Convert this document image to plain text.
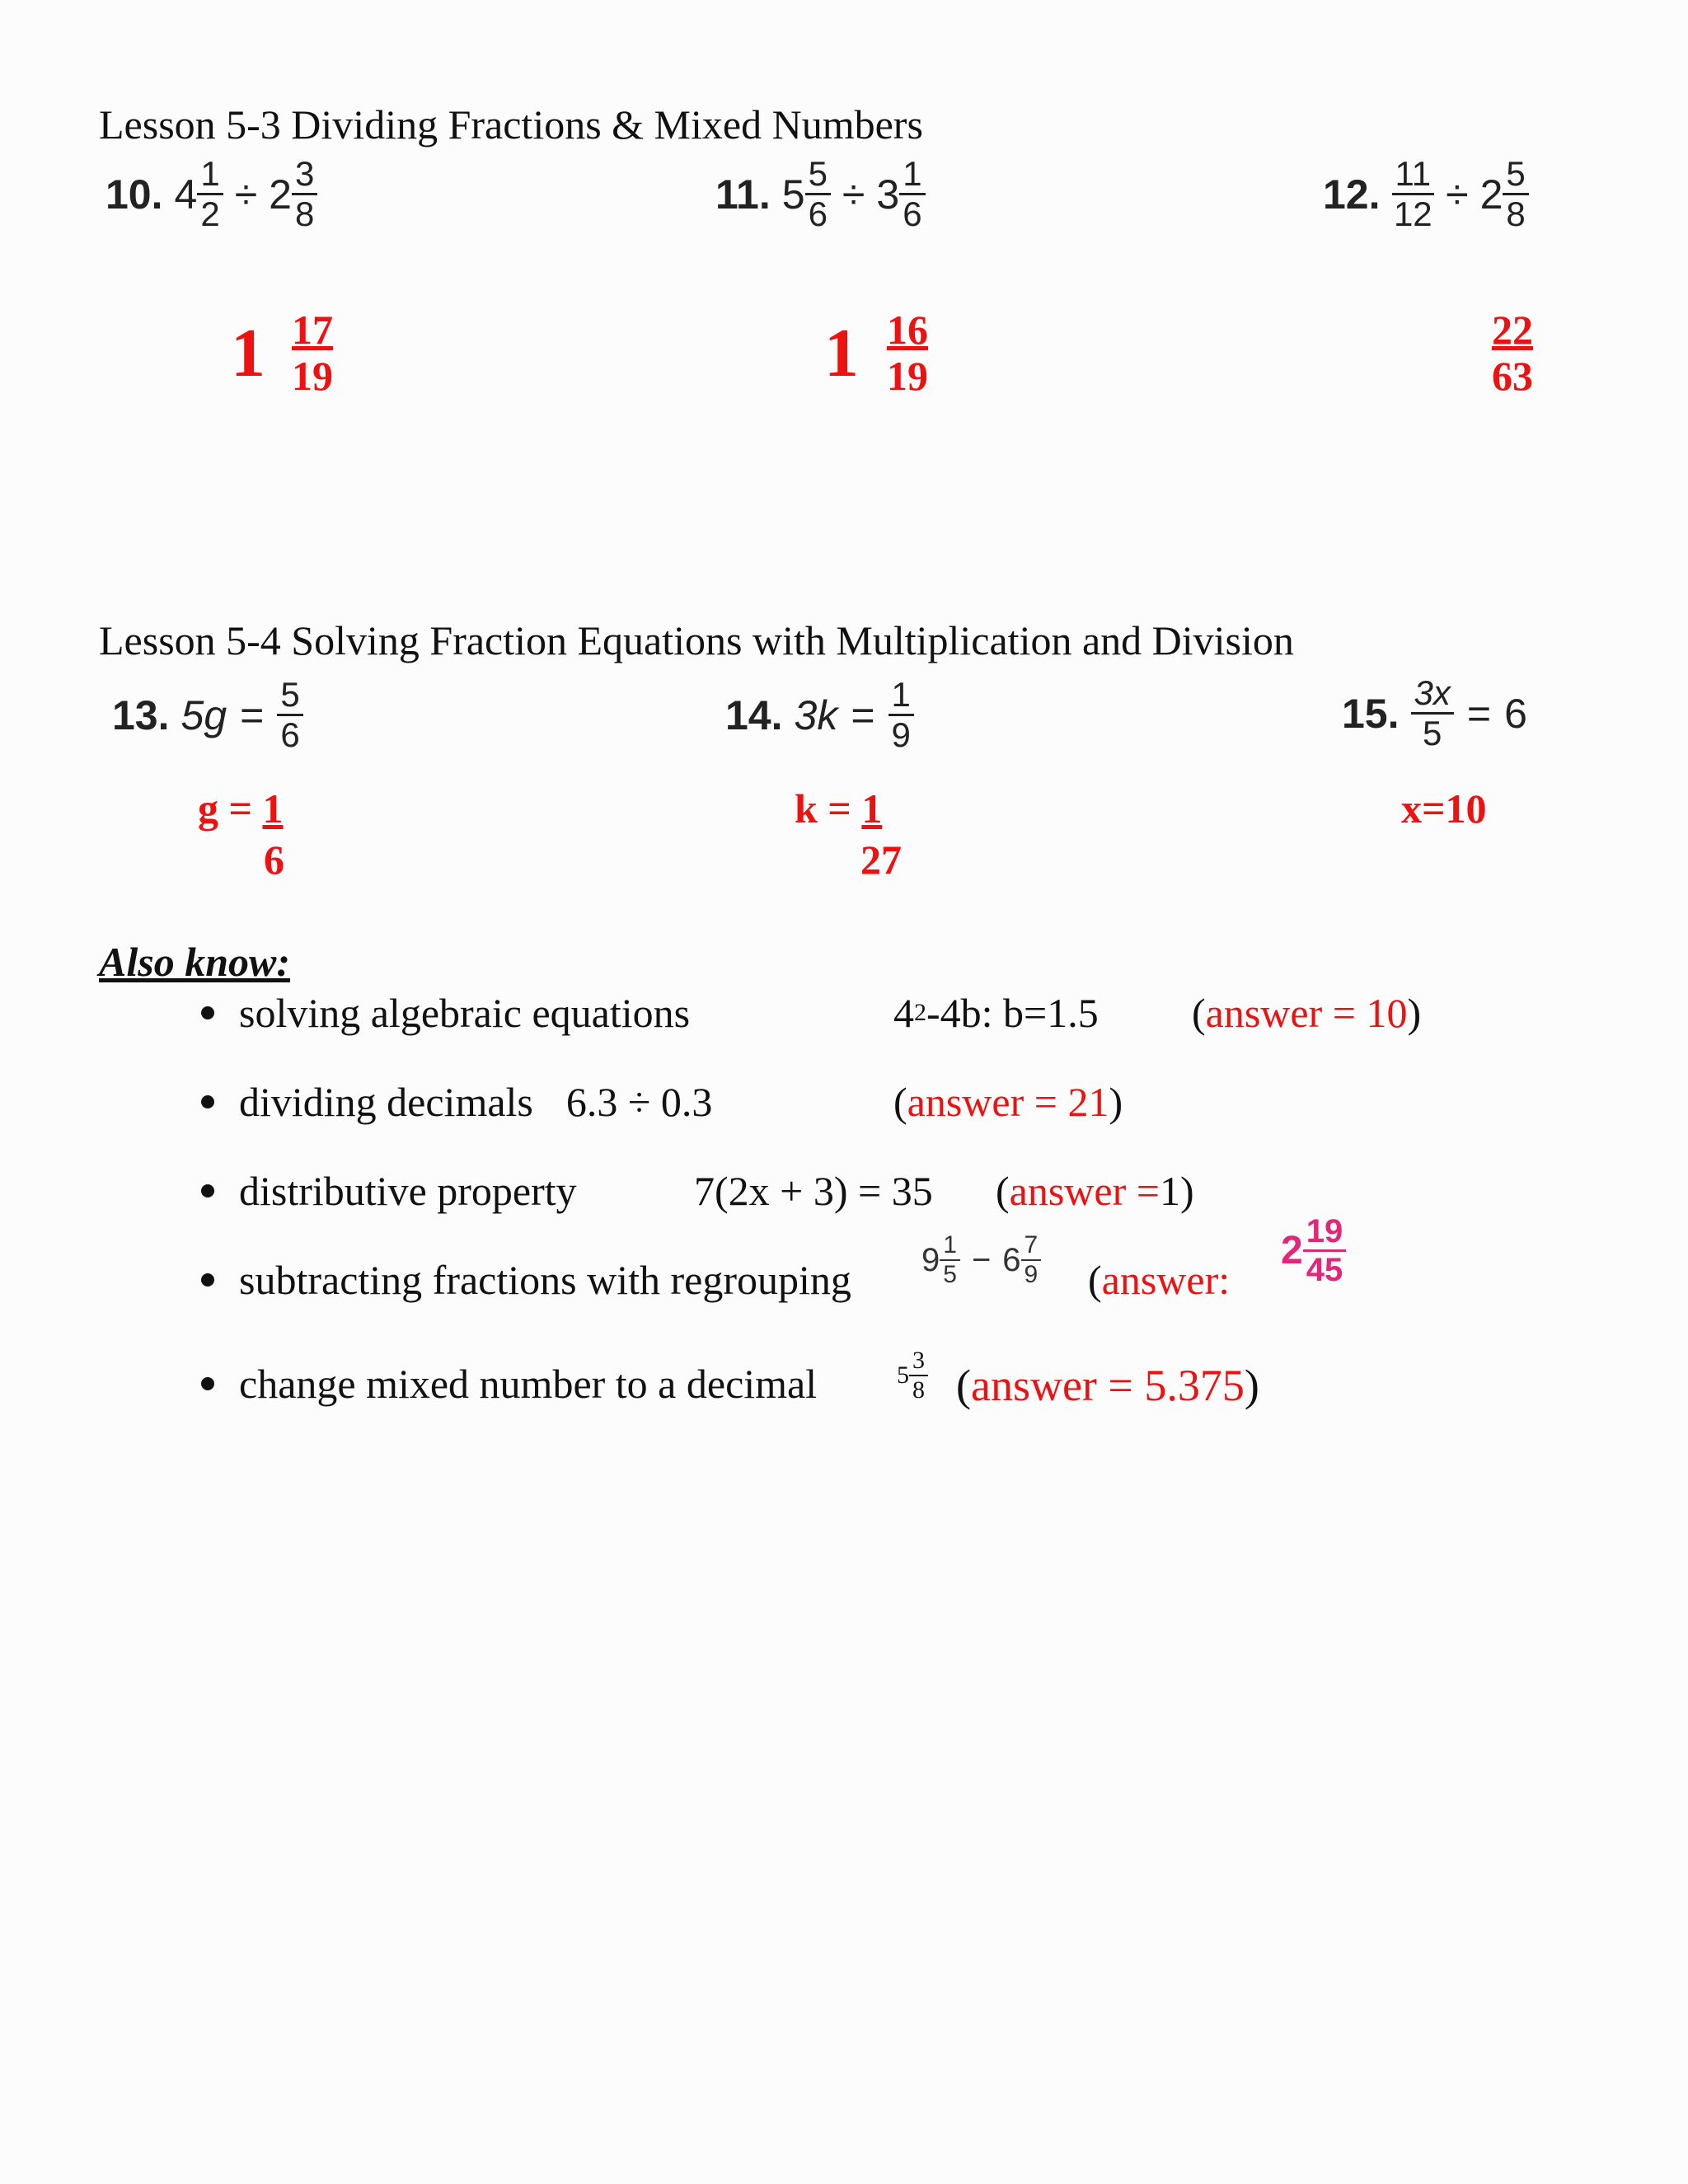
Lesson 5-3 Dividing Fractions & Mixed Numbers
10. $4 \frac{1}{2} \div 2 \frac{3}{8}$
$1 \frac{17}{19}$
11. $5 \frac{5}{6} \div 3 \frac{1}{6}$
$1 \frac{16}{19}$
12. $\frac{11}{12} \div 2 \frac{5}{8}$
$\frac{22}{63}$
Lesson 5-4 Solving Fraction Equations with Multiplication and Division
13. $5g = \frac{5}{6}$
g = 1
6
14. $3k = \frac{1}{9}$
k = 1
27
15. $\frac{3x}{5} = 6$
x=10
Also know:
solving algebraic equations	4 2 -4b: b=1.5 ( answer = 10 )
dividing decimals 6.3 ÷ 0.3	( answer = 21 )
distributive property	7(2x + 3) = 35 ( answer = 1)
subtracting fractions with regrouping $9 \frac{1}{5} - 6 \frac{7}{9}$ ( answer:
$2 \frac{19}{45}$
change mixed number to a decimal	$5 \frac{3}{8}$ ( answer = 5.375 )
